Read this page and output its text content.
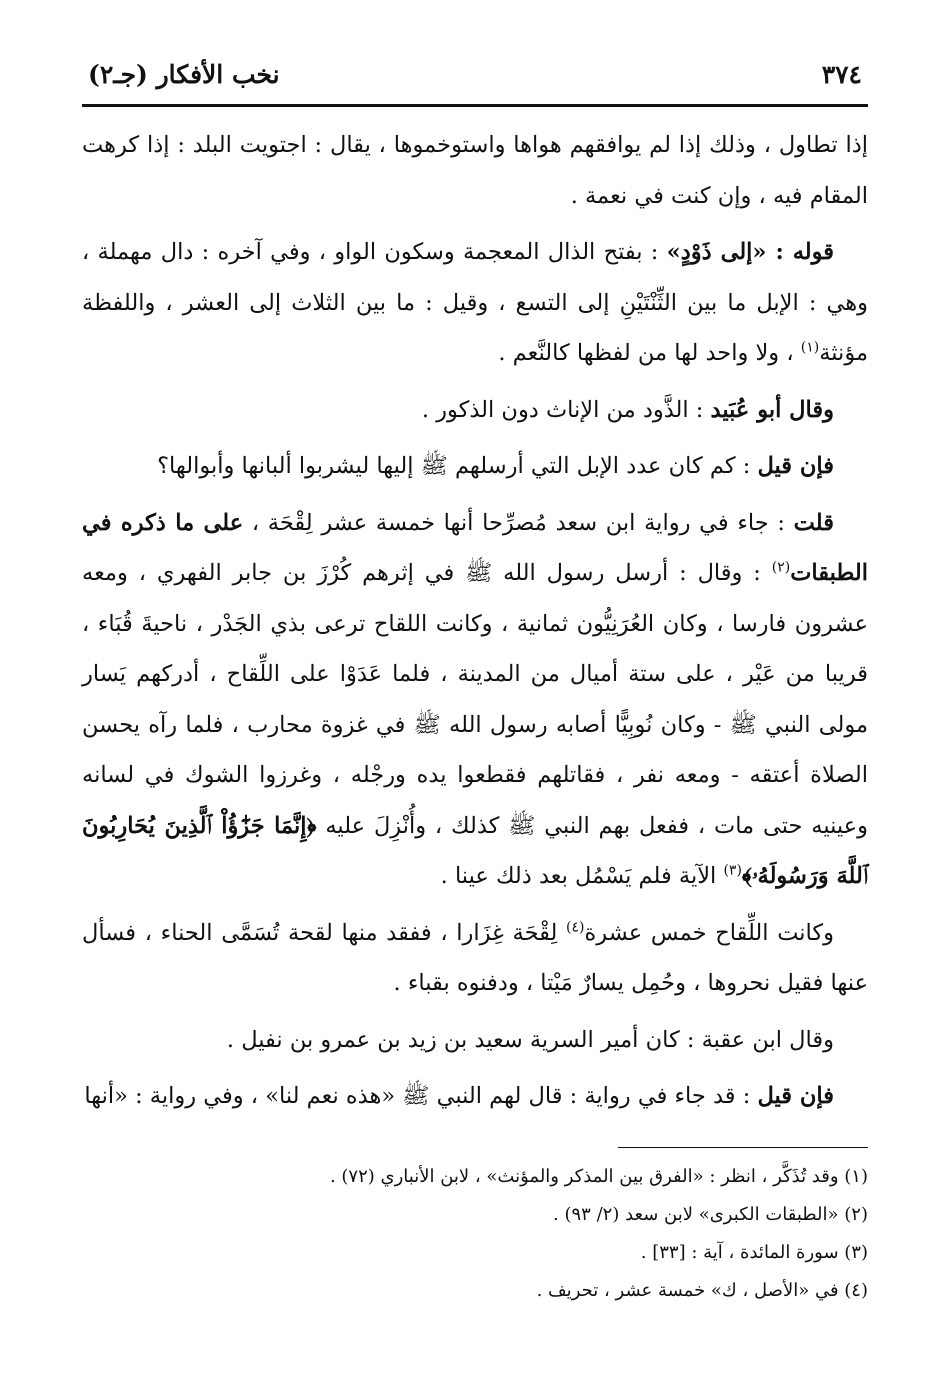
٣٧٤
نخب الأفكار (جـ٢)

إذا تطاول ، وذلك إذا لم يوافقهم هواها واستوخموها ، يقال : اجتويت البلد : إذا كرهت المقام فيه ، وإن كنت في نعمة .

قوله : «إلى ذَوْدٍ» : بفتح الذال المعجمة وسكون الواو ، وفي آخره : دال مهملة ، وهي : الإبل ما بين الثِّنْتَيْنِ إلى التسع ، وقيل : ما بين الثلاث إلى العشر ، واللفظة مؤنثة$^{(١)}$ ، ولا واحد لها من لفظها كالنَّعم .

وقال أبو عُبَيد : الذَّود من الإناث دون الذكور .

فإن قيل : كم كان عدد الإبل التي أرسلهم ﷺ إليها ليشربوا ألبانها وأبوالها؟

قلت : جاء في رواية ابن سعد مُصرِّحا أنها خمسة عشر لِقْحَة ، على ما ذكره في الطبقات$^{(٢)}$ : وقال : أرسل رسول الله ﷺ في إثرهم كُرْزَ بن جابر الفهري ، ومعه عشرون فارسا ، وكان العُرَنِيُّون ثمانية ، وكانت اللقاح ترعى بذي الجَدْر ، ناحيةَ قُبَاء ، قريبا من عَيْر ، على ستة أميال من المدينة ، فلما عَدَوْا على اللِّقاح ، أدركهم يَسار مولى النبي ﷺ - وكان نُوبِيًّا أصابه رسول الله ﷺ في غزوة محارب ، فلما رآه يحسن الصلاة أعتقه - ومعه نفر ، فقاتلهم فقطعوا يده ورجْله ، وغرزوا الشوك في لسانه وعينيه حتى مات ، ففعل بهم النبي ﷺ كذلك ، وأُنْزِلَ عليه ﴿إِنَّمَا جَزَٰٓؤُاْ ٱلَّذِينَ يُحَارِبُونَ ٱللَّهَ وَرَسُولَهُۥ﴾$^{(٣)}$ الآية فلم يَسْمُل بعد ذلك عينا .

وكانت اللِّقاح خمس عشرة$^{(٤)}$ لِقْحَة غِزَارا ، ففقد منها لقحة تُسَمَّى الحناء ، فسأل عنها فقيل نحروها ، وحُمِل يسارٌ مَيْتا ، ودفنوه بقباء .

وقال ابن عقبة : كان أمير السرية سعيد بن زيد بن عمرو بن نفيل .

فإن قيل : قد جاء في رواية : قال لهم النبي ﷺ «هذه نعم لنا» ، وفي رواية : «أنها

(١) وقد تُذَكَّر ، انظر : «الفرق بين المذكر والمؤنث» ، لابن الأنباري (٧٢) .
(٢) «الطبقات الكبرى» لابن سعد (٢/ ٩٣) .
(٣) سورة المائدة ، آية : [٣٣] .
(٤) في «الأصل ، ك» خمسة عشر ، تحريف .
